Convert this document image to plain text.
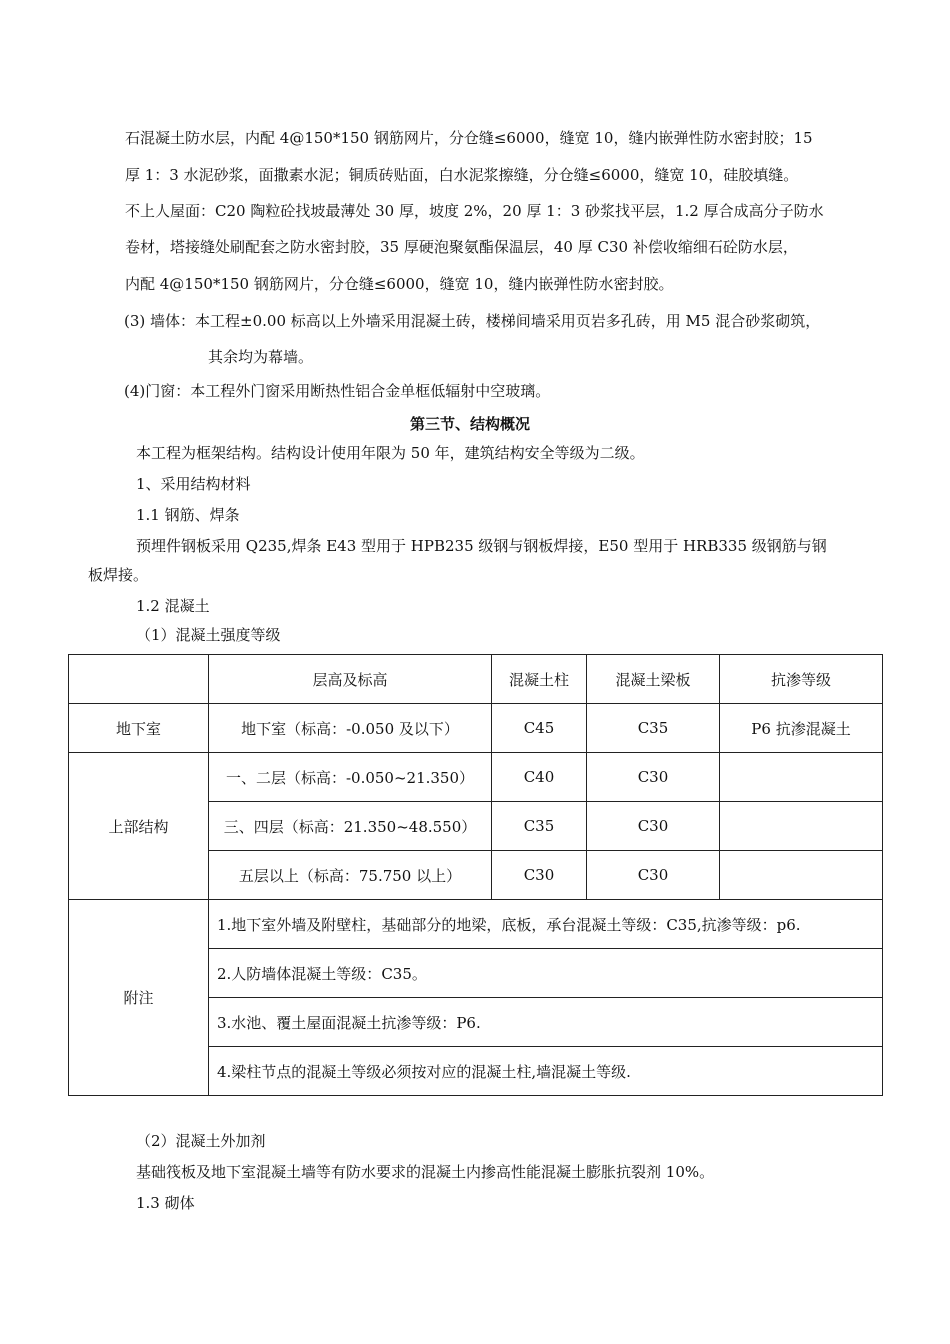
石混凝土防水层，内配 4@150*150 钢筋网片，分仓缝≤6000，缝宽 10，缝内嵌弹性防水密封胶；15

厚 1：3 水泥砂浆，面撒素水泥；铜质砖贴面，白水泥浆擦缝，分仓缝≤6000，缝宽 10，硅胶填缝。

不上人屋面：C20 陶粒砼找坡最薄处 30 厚，坡度 2%，20 厚 1：3 砂浆找平层，1.2 厚合成高分子防水

卷材，塔接缝处刷配套之防水密封胶，35 厚硬泡聚氨酯保温层，40 厚 C30 补偿收缩细石砼防水层，

内配 4@150*150 钢筋网片，分仓缝≤6000，缝宽 10，缝内嵌弹性防水密封胶。

(3) 墙体：本工程±0.00 标高以上外墙采用混凝土砖，楼梯间墙采用页岩多孔砖，用 M5 混合砂浆砌筑，

其余均为幕墙。

(4)门窗：本工程外门窗采用断热性铝合金单框低辐射中空玻璃。

第三节、结构概况

本工程为框架结构。结构设计使用年限为 50 年，建筑结构安全等级为二级。

1、采用结构材料

1.1 钢筋、焊条

预埋件钢板采用 Q235,焊条 E43 型用于 HPB235 级钢与钢板焊接，E50 型用于 HRB335 级钢筋与钢

板焊接。

1.2 混凝土

（1）混凝土强度等级

	层高及标高	混凝土柱	混凝土梁板	抗渗等级
地下室	地下室（标高：-0.050 及以下）	C45	C35	P6 抗渗混凝土
上部结构	一、二层（标高：-0.050~21.350）	C40	C30	
	三、四层（标高：21.350~48.550）	C35	C30	
	五层以上（标高：75.750 以上）	C30	C30	
附注	1.地下室外墙及附壁柱，基础部分的地梁，底板，承台混凝土等级：C35,抗渗等级：p6.			
	2.人防墙体混凝土等级：C35。			
	3.水池、覆土屋面混凝土抗渗等级：P6.			
	4.梁柱节点的混凝土等级必须按对应的混凝土柱,墙混凝土等级.			

（2）混凝土外加剂

基础筏板及地下室混凝土墙等有防水要求的混凝土内掺高性能混凝土膨胀抗裂剂 10%。

1.3 砌体
